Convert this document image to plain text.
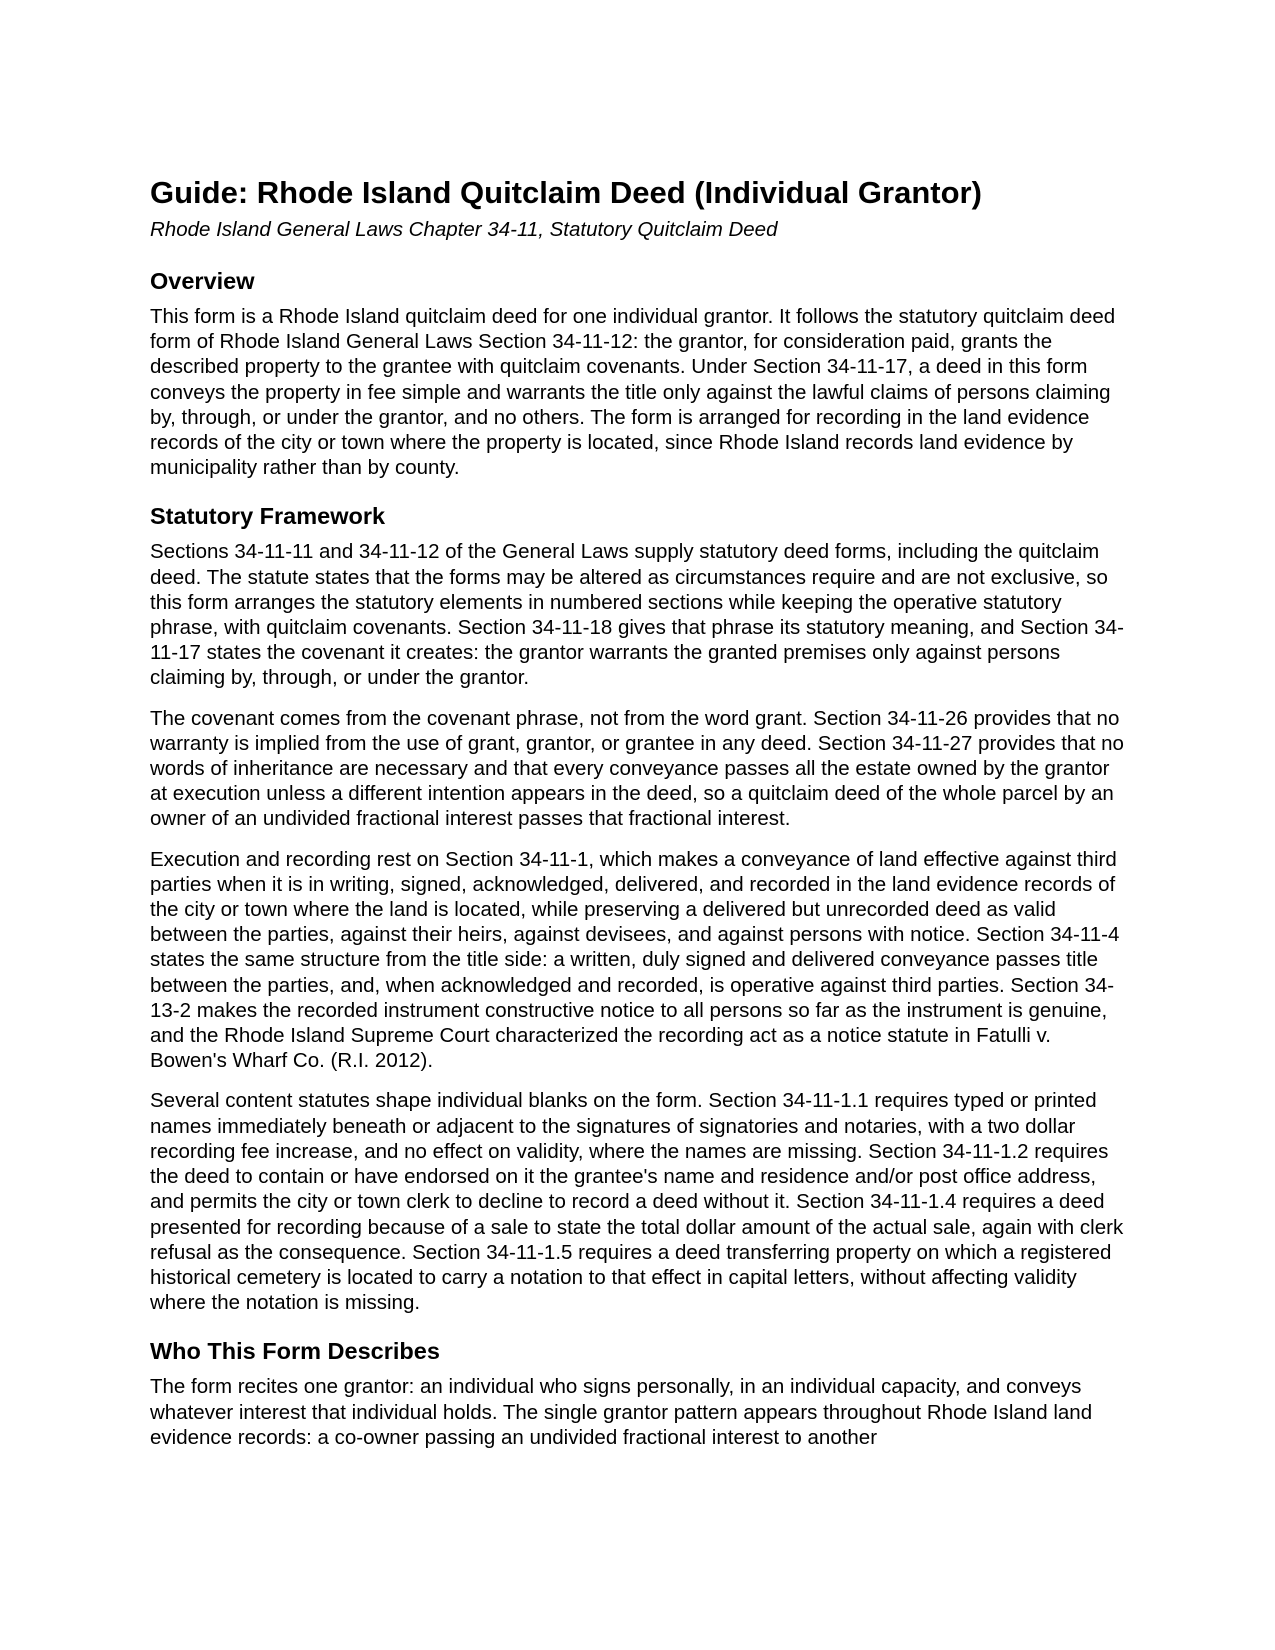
Guide: Rhode Island Quitclaim Deed (Individual Grantor)
Rhode Island General Laws Chapter 34-11, Statutory Quitclaim Deed
Overview

This form is a Rhode Island quitclaim deed for one individual grantor. It follows the statutory quitclaim deed form of Rhode Island General Laws Section 34-11-12: the grantor, for consideration paid, grants the described property to the grantee with quitclaim covenants. Under Section 34-11-17, a deed in this form conveys the property in fee simple and warrants the title only against the lawful claims of persons claiming by, through, or under the grantor, and no others. The form is arranged for recording in the land evidence records of the city or town where the property is located, since Rhode Island records land evidence by municipality rather than by county.

Statutory Framework

Sections 34-11-11 and 34-11-12 of the General Laws supply statutory deed forms, including the quitclaim deed. The statute states that the forms may be altered as circumstances require and are not exclusive, so this form arranges the statutory elements in numbered sections while keeping the operative statutory phrase, with quitclaim covenants. Section 34-11-18 gives that phrase its statutory meaning, and Section 34-11-17 states the covenant it creates: the grantor warrants the granted premises only against persons claiming by, through, or under the grantor.

The covenant comes from the covenant phrase, not from the word grant. Section 34-11-26 provides that no warranty is implied from the use of grant, grantor, or grantee in any deed. Section 34-11-27 provides that no words of inheritance are necessary and that every conveyance passes all the estate owned by the grantor at execution unless a different intention appears in the deed, so a quitclaim deed of the whole parcel by an owner of an undivided fractional interest passes that fractional interest.

Execution and recording rest on Section 34-11-1, which makes a conveyance of land effective against third parties when it is in writing, signed, acknowledged, delivered, and recorded in the land evidence records of the city or town where the land is located, while preserving a delivered but unrecorded deed as valid between the parties, against their heirs, against devisees, and against persons with notice. Section 34-11-4 states the same structure from the title side: a written, duly signed and delivered conveyance passes title between the parties, and, when acknowledged and recorded, is operative against third parties. Section 34-13-2 makes the recorded instrument constructive notice to all persons so far as the instrument is genuine, and the Rhode Island Supreme Court characterized the recording act as a notice statute in Fatulli v. Bowen's Wharf Co. (R.I. 2012).

Several content statutes shape individual blanks on the form. Section 34-11-1.1 requires typed or printed names immediately beneath or adjacent to the signatures of signatories and notaries, with a two dollar recording fee increase, and no effect on validity, where the names are missing. Section 34-11-1.2 requires the deed to contain or have endorsed on it the grantee's name and residence and/or post office address, and permits the city or town clerk to decline to record a deed without it. Section 34-11-1.4 requires a deed presented for recording because of a sale to state the total dollar amount of the actual sale, again with clerk refusal as the consequence. Section 34-11-1.5 requires a deed transferring property on which a registered historical cemetery is located to carry a notation to that effect in capital letters, without affecting validity where the notation is missing.

Who This Form Describes

The form recites one grantor: an individual who signs personally, in an individual capacity, and conveys whatever interest that individual holds. The single grantor pattern appears throughout Rhode Island land evidence records: a co-owner passing an undivided fractional interest to another
